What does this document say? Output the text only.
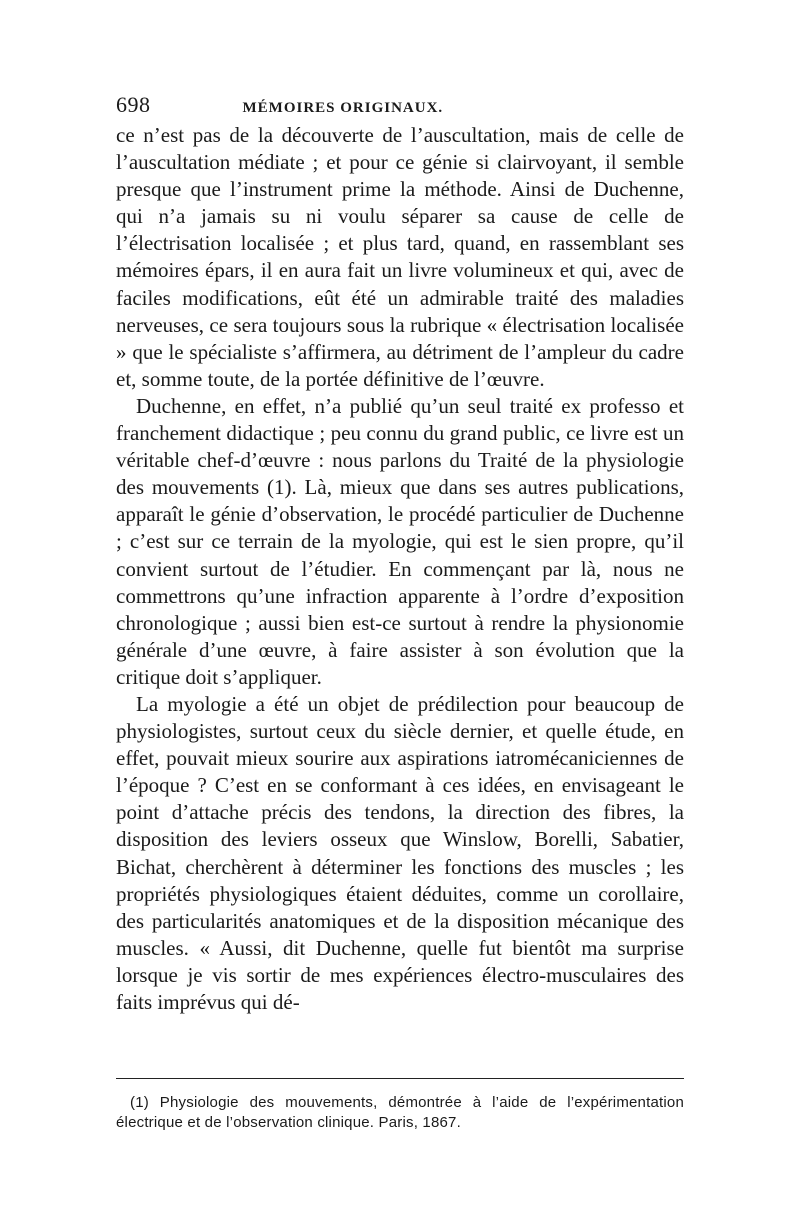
698	MÉMOIRES ORIGINAUX.

ce n’est pas de la découverte de l’auscultation, mais de celle de l’auscultation médiate ; et pour ce génie si clairvoyant, il semble presque que l’instrument prime la méthode. Ainsi de Duchenne, qui n’a jamais su ni voulu séparer sa cause de celle de l’électrisation localisée ; et plus tard, quand, en rassemblant ses mémoires épars, il en aura fait un livre volumineux et qui, avec de faciles modifications, eût été un admirable traité des maladies nerveuses, ce sera toujours sous la rubrique « électrisation localisée » que le spécialiste s’affirmera, au détriment de l’ampleur du cadre et, somme toute, de la portée définitive de l’œuvre.

Duchenne, en effet, n’a publié qu’un seul traité ex professo et franchement didactique ; peu connu du grand public, ce livre est un véritable chef-d’œuvre : nous parlons du Traité de la physiologie des mouvements (1). Là, mieux que dans ses autres publications, apparaît le génie d’observation, le procédé particulier de Duchenne ; c’est sur ce terrain de la myologie, qui est le sien propre, qu’il convient surtout de l’étudier. En commençant par là, nous ne commettrons qu’une infraction apparente à l’ordre d’exposition chronologique ; aussi bien est-ce surtout à rendre la physionomie générale d’une œuvre, à faire assister à son évolution que la critique doit s’appliquer.

La myologie a été un objet de prédilection pour beaucoup de physiologistes, surtout ceux du siècle dernier, et quelle étude, en effet, pouvait mieux sourire aux aspirations iatromécaniciennes de l’époque ? C’est en se conformant à ces idées, en envisageant le point d’attache précis des tendons, la direction des fibres, la disposition des leviers osseux que Winslow, Borelli, Sabatier, Bichat, cherchèrent à déterminer les fonctions des muscles ; les propriétés physiologiques étaient déduites, comme un corollaire, des particularités anatomiques et de la disposition mécanique des muscles. « Aussi, dit Duchenne, quelle fut bientôt ma surprise lorsque je vis sortir de mes expériences électro-musculaires des faits imprévus qui dé-

(1) Physiologie des mouvements, démontrée à l’aide de l’expérimentation électrique et de l’observation clinique. Paris, 1867.
